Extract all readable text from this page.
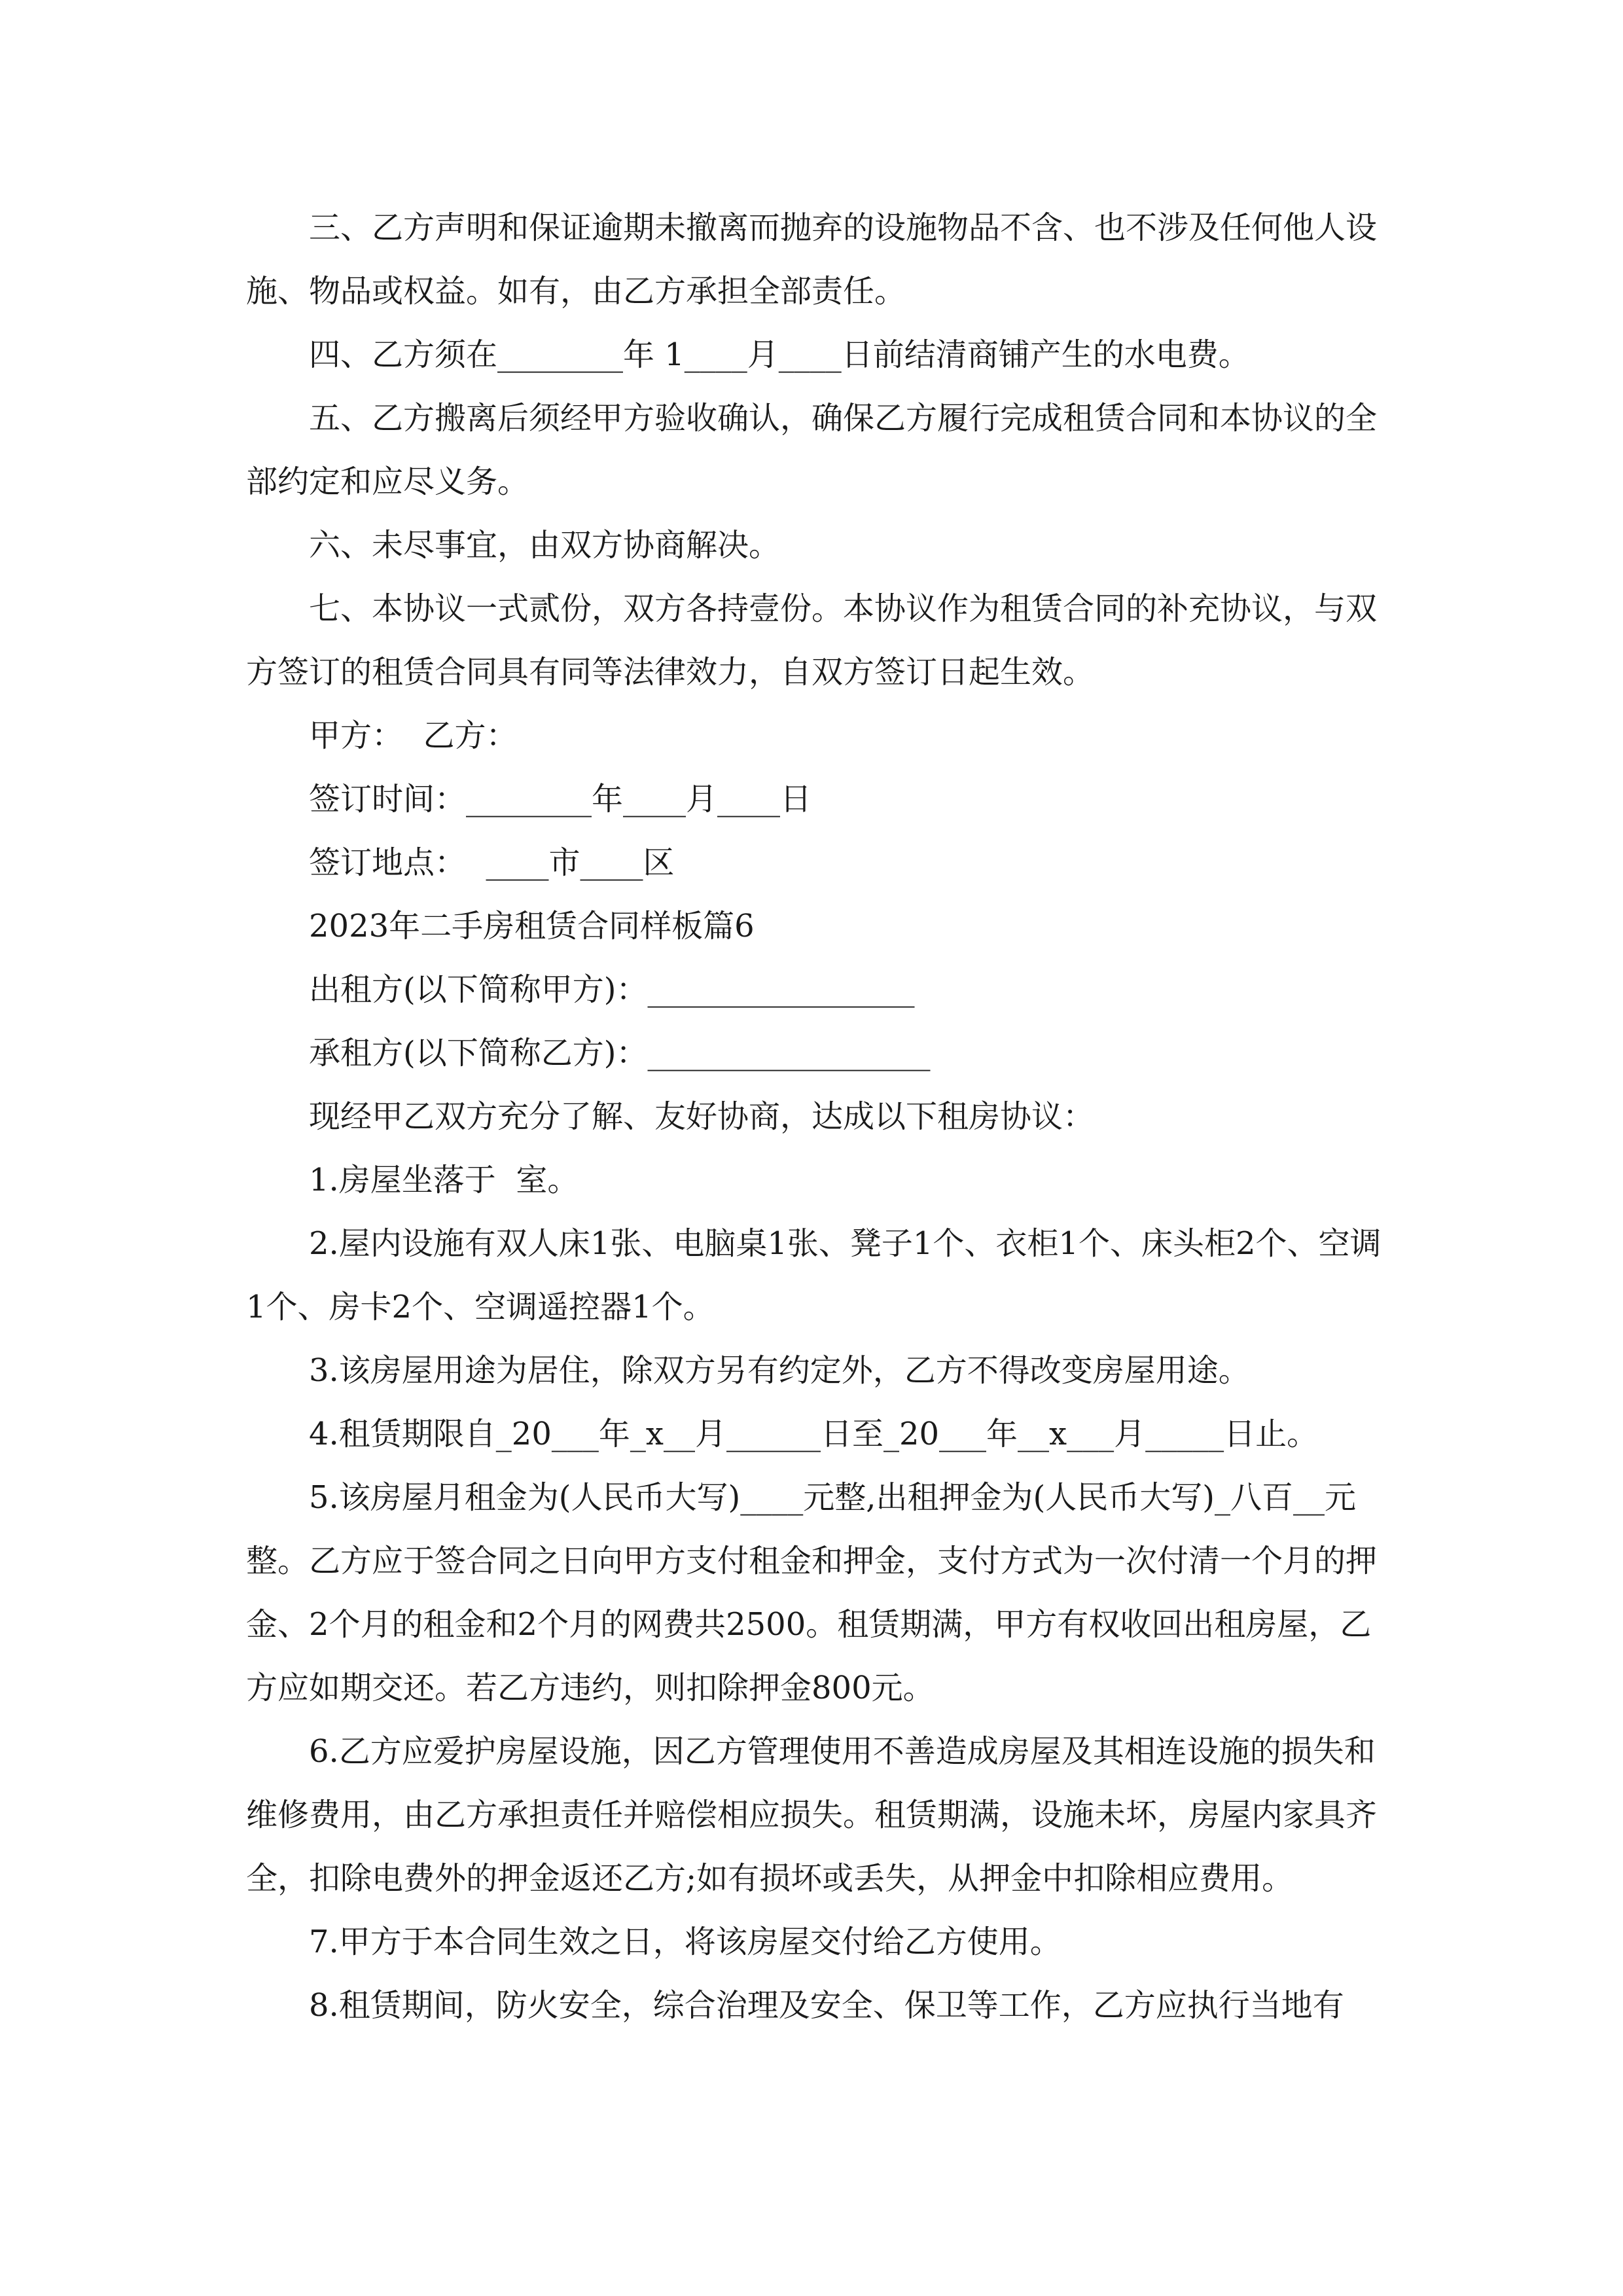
三、乙方声明和保证逾期未撤离而抛弃的设施物品不含、也不涉及任何他人设施、物品或权益。如有，由乙方承担全部责任。

四、乙方须在________年 1____月____日前结清商铺产生的水电费。

五、乙方搬离后须经甲方验收确认，确保乙方履行完成租赁合同和本协议的全部约定和应尽义务。

六、未尽事宜，由双方协商解决。

七、本协议一式贰份，双方各持壹份。本协议作为租赁合同的补充协议，与双方签订的租赁合同具有同等法律效力，自双方签订日起生效。

甲方：  乙方：

签订时间：________年____月____日

签订地点：  ____市____区

2023年二手房租赁合同样板篇6

出租方(以下简称甲方)：_________________

承租方(以下简称乙方)：__________________

现经甲乙双方充分了解、友好协商，达成以下租房协议：

1.房屋坐落于  室。

2.屋内设施有双人床1张、电脑桌1张、凳子1个、衣柜1个、床头柜2个、空调1个、房卡2个、空调遥控器1个。

3.该房屋用途为居住，除双方另有约定外，乙方不得改变房屋用途。

4.租赁期限自_20___年_x__月______日至_20___年__x___月_____日止。

5.该房屋月租金为(人民币大写)____元整,出租押金为(人民币大写)_八百__元整。乙方应于签合同之日向甲方支付租金和押金，支付方式为一次付清一个月的押金、2个月的租金和2个月的网费共2500。租赁期满，甲方有权收回出租房屋，乙方应如期交还。若乙方违约，则扣除押金800元。

6.乙方应爱护房屋设施，因乙方管理使用不善造成房屋及其相连设施的损失和维修费用，由乙方承担责任并赔偿相应损失。租赁期满，设施未坏，房屋内家具齐全，扣除电费外的押金返还乙方;如有损坏或丢失，从押金中扣除相应费用。

7.甲方于本合同生效之日，将该房屋交付给乙方使用。

8.租赁期间，防火安全，综合治理及安全、保卫等工作，乙方应执行当地有
